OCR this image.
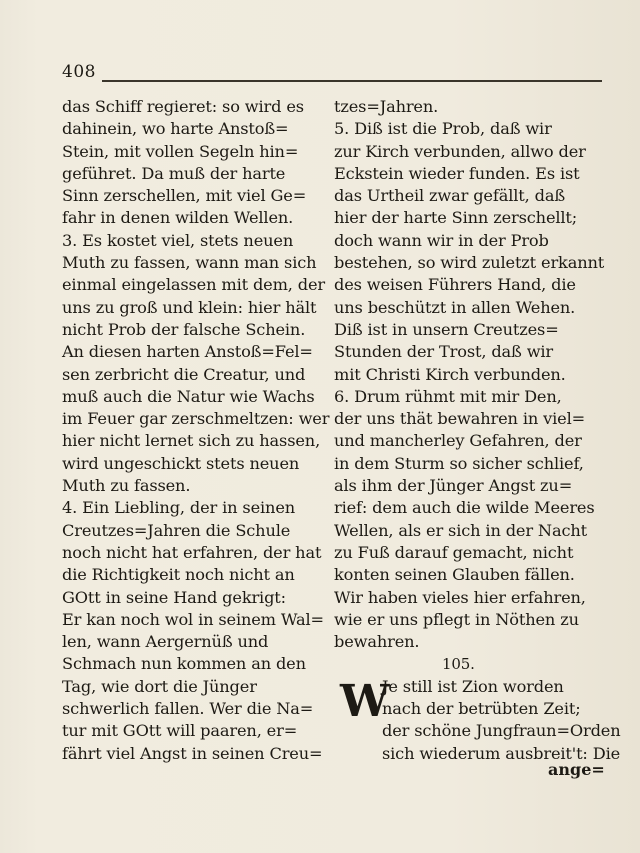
408
das Schiff regieret: so wird es
dahinein, wo harte Anstoß=
Stein, mit vollen Segeln hin=
geführet. Da muß der harte
Sinn zerschellen, mit viel Ge=
fahr in denen wilden Wellen.
3. Es kostet viel, stets neuen
Muth zu fassen, wann man sich
einmal eingelassen mit dem, der
uns zu groß und klein: hier hält
nicht Prob der falsche Schein.
An diesen harten Anstoß=Fel=
sen zerbricht die Creatur, und
muß auch die Natur wie Wachs
im Feuer gar zerschmeltzen: wer
hier nicht lernet sich zu hassen,
wird ungeschickt stets neuen
Muth zu fassen.
4. Ein Liebling, der in seinen
Creutzes=Jahren die Schule
noch nicht hat erfahren, der hat
die Richtigkeit noch nicht an
GOtt in seine Hand gekrigt:
Er kan noch wol in seinem Wal=
len, wann Aergernüß und
Schmach nun kommen an den
Tag, wie dort die Jünger
schwerlich fallen. Wer die Na=
tur mit GOtt will paaren, er=
fährt viel Angst in seinen Creu=
tzes=Jahren.
5. Diß ist die Prob, daß wir
zur Kirch verbunden, allwo der
Eckstein wieder funden. Es ist
das Urtheil zwar gefällt, daß
hier der harte Sinn zerschellt;
doch wann wir in der Prob
bestehen, so wird zuletzt erkannt
des weisen Führers Hand, die
uns beschützt in allen Wehen.
Diß ist in unsern Creutzes=
Stunden der Trost, daß wir
mit Christi Kirch verbunden.
6. Drum rühmt mit mir Den,
der uns thät bewahren in viel=
und mancherley Gefahren, der
in dem Sturm so sicher schlief,
als ihm der Jünger Angst zu=
rief: dem auch die wilde Meeres
Wellen, als er sich in der Nacht
zu Fuß darauf gemacht, nicht
konten seinen Glauben fällen.
Wir haben vieles hier erfahren,
wie er uns pflegt in Nöthen zu
bewahren.
105.
W
Je still ist Zion worden
nach der betrübten Zeit;
der schöne Jungfraun=Orden
sich wiederum ausbreit't: Die
ange=
